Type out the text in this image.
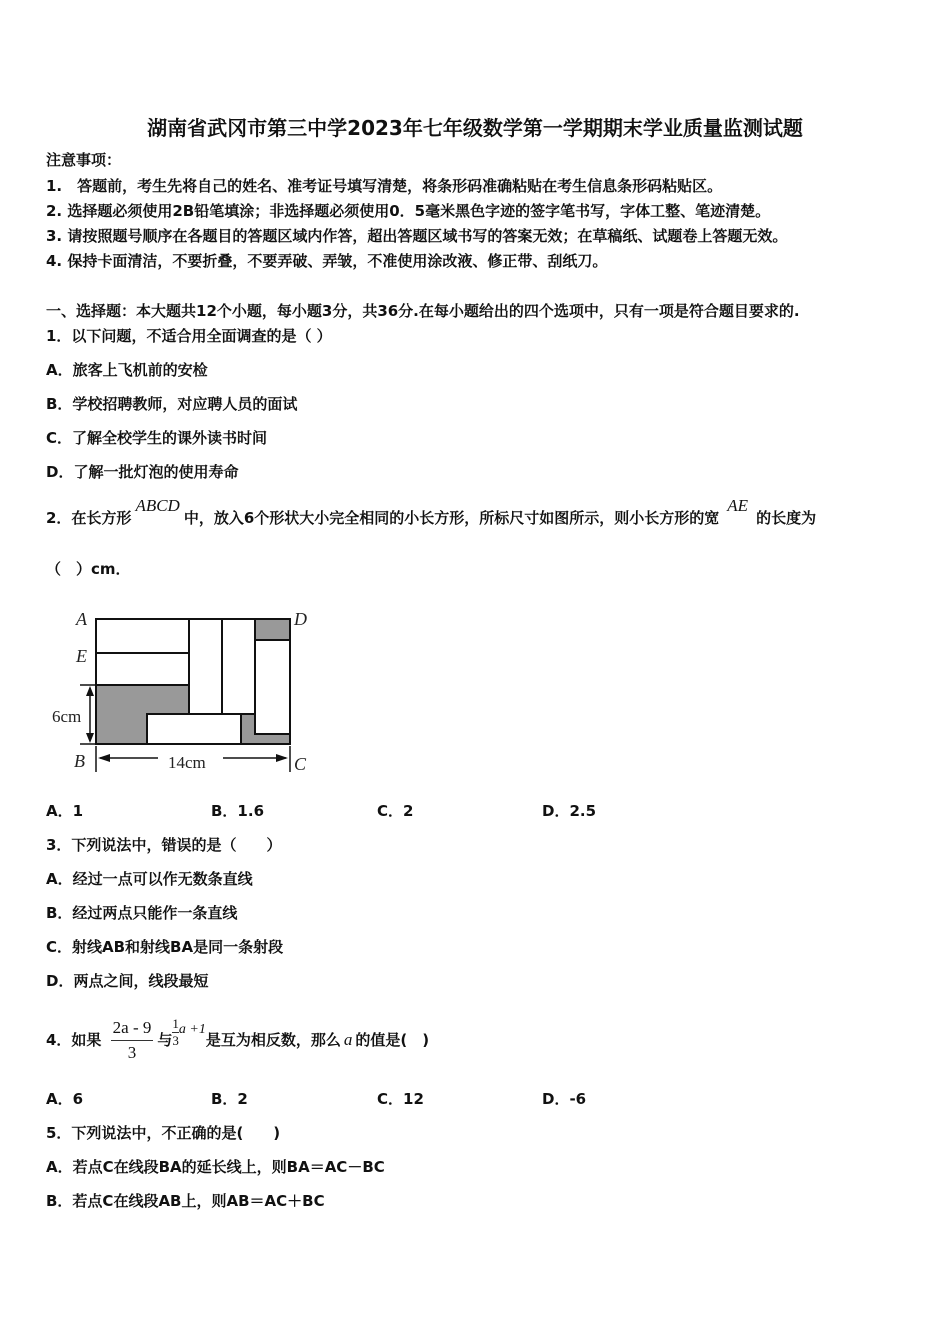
湖南省武冈市第三中学2023年七年级数学第一学期期末学业质量监测试题
注意事项：
1.　答题前，考生先将自己的姓名、准考证号填写清楚，将条形码准确粘贴在考生信息条形码粘贴区。
2. 选择题必须使用2B铅笔填涂；非选择题必须使用0．5毫米黑色字迹的签字笔书写，字体工整、笔迹清楚。
3. 请按照题号顺序在各题目的答题区域内作答，超出答题区域书写的答案无效；在草稿纸、试题卷上答题无效。
4. 保持卡面清洁，不要折叠，不要弄破、弄皱，不准使用涂改液、修正带、刮纸刀。
一、选择题：本大题共12个小题，每小题3分，共36分.在每小题给出的四个选项中，只有一项是符合题目要求的.
1．以下问题，不适合用全面调查的是（ ）
A．旅客上飞机前的安检
B．学校招聘教师，对应聘人员的面试
C．了解全校学生的课外读书时间
D．了解一批灯泡的使用寿命
2．在长方形ABCD中，放入6个形状大小完全相同的小长方形，所标尺寸如图所示，则小长方形的宽AE的长度为
（　）cm．
A
E
B	C
D
6cm
14cm
A．1	B．1.6	C．2	D．2.5
3．下列说法中，错误的是（　　）
A．经过一点可以作无数条直线
B．经过两点只能作一条直线
C．射线AB和射线BA是同一条射段
D．两点之间，线段最短
4．如果 $\frac{2a - 9}{3}$ 与 $\frac{1}{3}$ a +1是互为相反数，那么 a 的值是(　)
A．6	B．2	C．12	D．-6
5．下列说法中，不正确的是(　　)
A．若点C在线段BA的延长线上，则BA＝AC－BC
B．若点C在线段AB上，则AB＝AC＋BC
